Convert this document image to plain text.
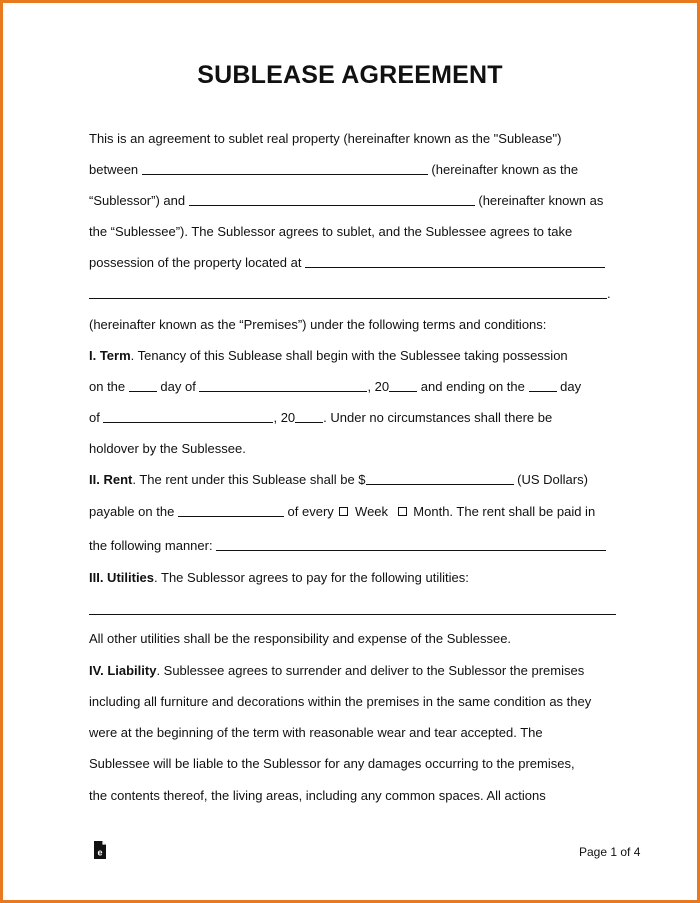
SUBLEASE AGREEMENT
This is an agreement to sublet real property (hereinafter known as the "Sublease")
between	(hereinafter known as the
“Sublessor”) and	(hereinafter known as
the “Sublessee”). The Sublessor agrees to sublet, and the Sublessee agrees to take
possession of the property located at
.
(hereinafter known as the “Premises”) under the following terms and conditions:
I. Term. Tenancy of this Sublease shall begin with the Sublessee taking possession
on the	day of	, 20 and ending on the	day
of	, 20 . Under no circumstances shall there be
holdover by the Sublessee.
II. Rent. The rent under this Sublease shall be $	(US Dollars)
payable on the	of every Week Month. The rent shall be paid in
the following manner:
III. Utilities. The Sublessor agrees to pay for the following utilities:
All other utilities shall be the responsibility and expense of the Sublessee.
IV. Liability. Sublessee agrees to surrender and deliver to the Sublessor the premises
including all furniture and decorations within the premises in the same condition as they
were at the beginning of the term with reasonable wear and tear accepted. The
Sublessee will be liable to the Sublessor for any damages occurring to the premises,
the contents thereof, the living areas, including any common spaces. All actions
e	Page 1 of 4
